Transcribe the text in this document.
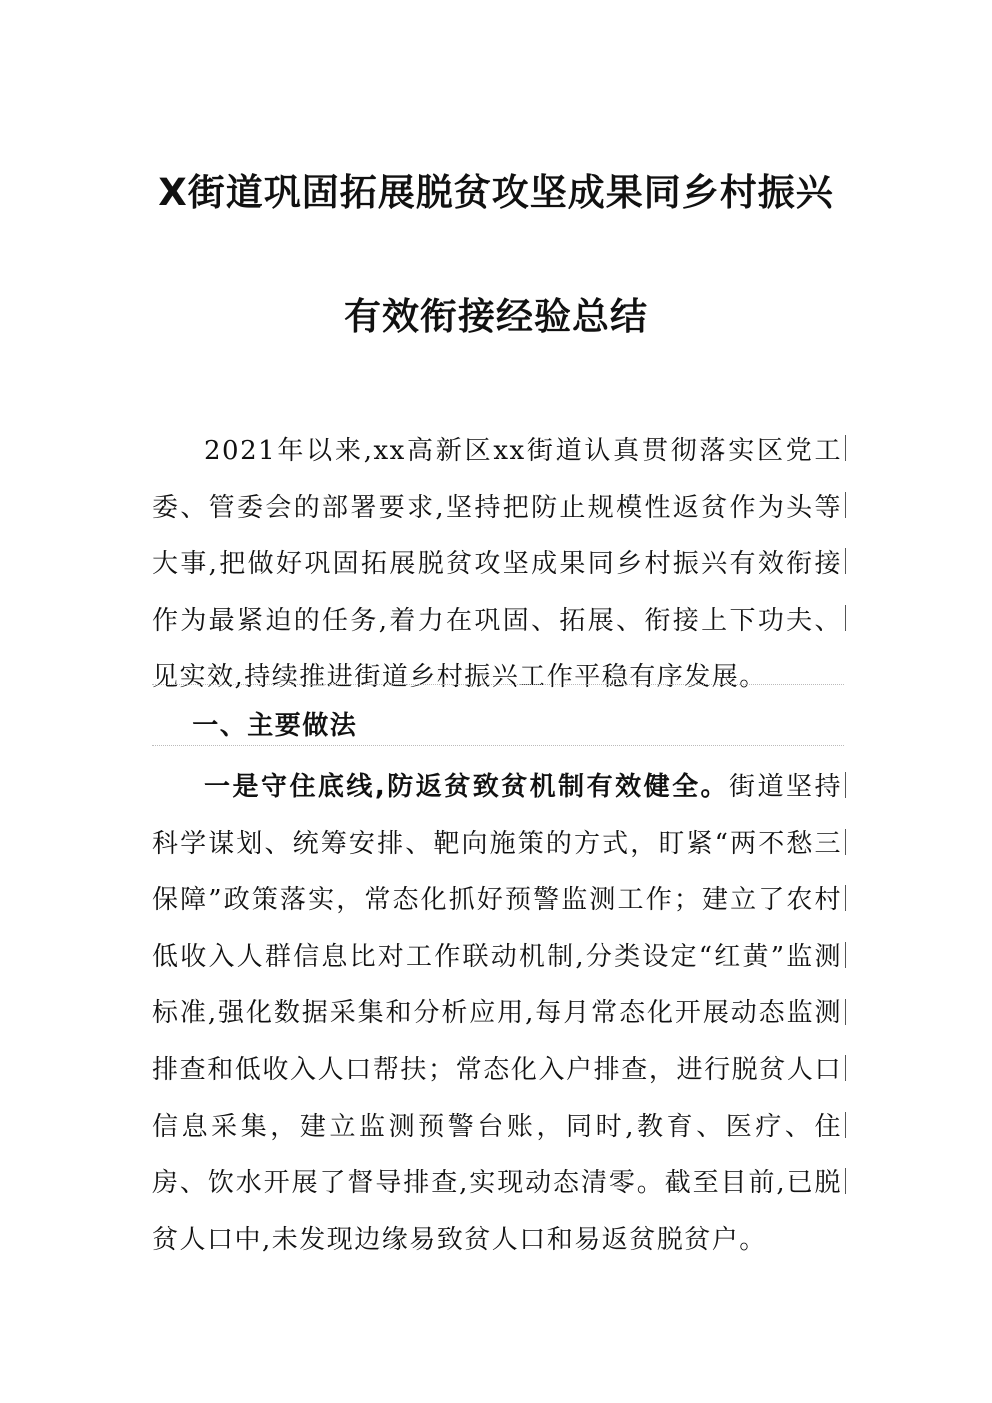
X街道巩固拓展脱贫攻坚成果同乡村振兴
有效衔接经验总结

2021年以来,xx高新区xx街道认真贯彻落实区党工委、管委会的部署要求,坚持把防止规模性返贫作为头等大事,把做好巩固拓展脱贫攻坚成果同乡村振兴有效衔接作为最紧迫的任务,着力在巩固、拓展、衔接上下功夫、见实效,持续推进街道乡村振兴工作平稳有序发展。

一、主要做法

一是守住底线,防返贫致贫机制有效健全。街道坚持科学谋划、统筹安排、靶向施策的方式，盯紧“两不愁三保障”政策落实，常态化抓好预警监测工作；建立了农村低收入人群信息比对工作联动机制,分类设定“红黄”监测标准,强化数据采集和分析应用,每月常态化开展动态监测排查和低收入人口帮扶；常态化入户排查，进行脱贫人口信息采集，建立监测预警台账，同时,教育、医疗、住房、饮水开展了督导排查,实现动态清零。截至目前,已脱贫人口中,未发现边缘易致贫人口和易返贫脱贫户。
